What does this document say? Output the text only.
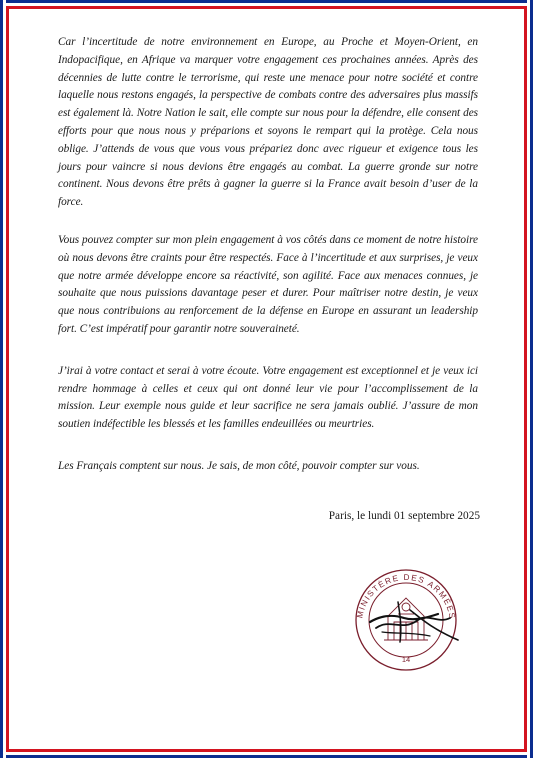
Car l’incertitude de notre environnement en Europe, au Proche et Moyen-Orient, en Indopacifique, en Afrique va marquer votre engagement ces prochaines années. Après des décennies de lutte contre le terrorisme, qui reste une menace pour notre société et contre laquelle nous restons engagés, la perspective de combats contre des adversaires plus massifs est également là. Notre Nation le sait, elle compte sur nous pour la défendre, elle consent des efforts pour que nous nous y préparions et soyons le rempart qui la protège. Cela nous oblige. J’attends de vous que vous vous prépariez donc avec rigueur et exigence tous les jours pour vaincre si nous devions être engagés au combat. La guerre gronde sur notre continent. Nous devons être prêts à gagner la guerre si la France avait besoin d’user de la force.

Vous pouvez compter sur mon plein engagement à vos côtés dans ce moment de notre histoire où nous devons être craints pour être respectés. Face à l’incertitude et aux surprises, je veux que notre armée développe encore sa réactivité, son agilité. Face aux menaces connues, je souhaite que nous puissions davantage peser et durer. Pour maîtriser notre destin, je veux que nous contribuions au renforcement de la défense en Europe en assurant un leadership fort. C’est impératif pour garantir notre souveraineté.

J’irai à votre contact et serai à votre écoute. Votre engagement est exceptionnel et je veux ici rendre hommage à celles et ceux qui ont donné leur vie pour l’accomplissement de la mission. Leur exemple nous guide et leur sacrifice ne sera jamais oublié. J’assure de mon soutien indéfectible les blessés et les familles endeuillées ou meurtries.

Les Français comptent sur nous. Je sais, de mon côté, pouvoir compter sur vous.

Paris, le lundi 01 septembre 2025
MINISTÈRE DES ARMÉES
14
